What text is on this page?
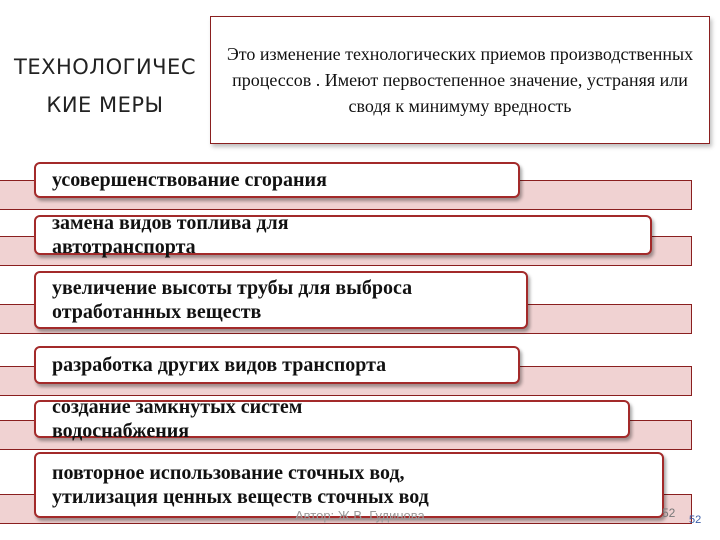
ТЕХНОЛОГИЧЕС КИЕ МЕРЫ
Это изменение технологических приемов производственных процессов . Имеют первостепенное значение, устраняя или сводя к минимуму вредность
усовершенствование сгорания
замена видов топлива для автотранспорта
увеличение высоты трубы для выброса отработанных веществ
разработка других видов транспорта
создание замкнутых систем водоснабжения
повторное использование сточных вод, утилизация ценных веществ сточных вод
Автор: Ж.В. Гудинова	52 52
